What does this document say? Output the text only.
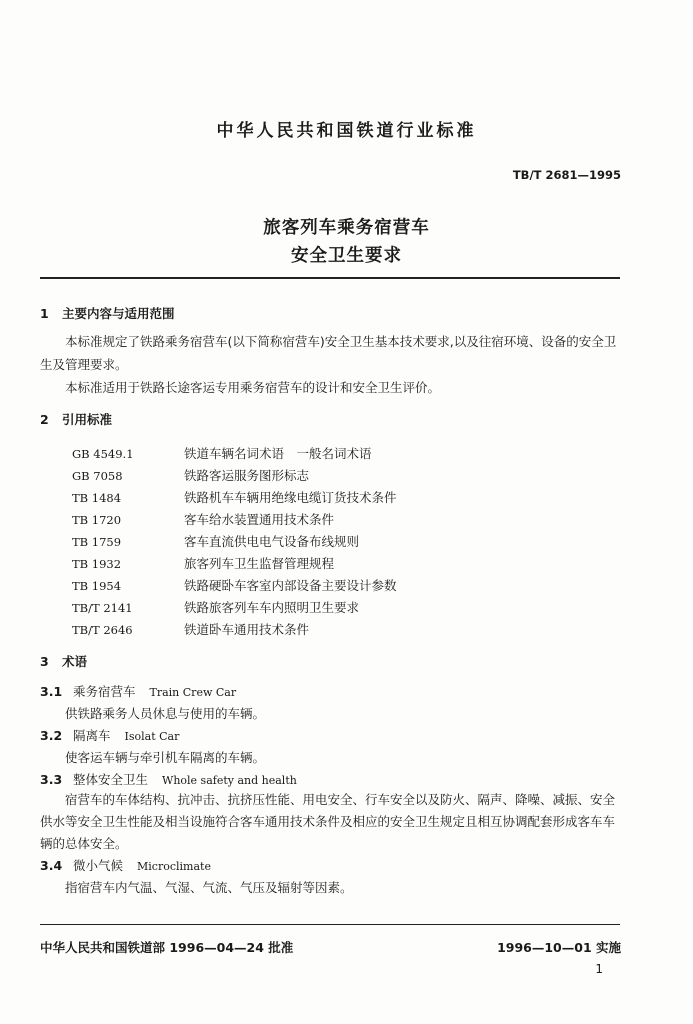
中华人民共和国铁道行业标准
TB/T 2681—1995
旅客列车乘务宿营车
安全卫生要求
1 主要内容与适用范围
本标准规定了铁路乘务宿营车(以下简称宿营车)安全卫生基本技术要求,以及往宿环境、设备的安全卫生及管理要求。
本标准适用于铁路长途客运专用乘务宿营车的设计和安全卫生评价。
2 引用标准
GB 4549.1	铁道车辆名词术语　一般名词术语
GB 7058	铁路客运服务图形标志
TB 1484	铁路机车车辆用绝缘电缆订货技术条件
TB 1720	客车给水装置通用技术条件
TB 1759	客车直流供电电气设备布线规则
TB 1932	旅客列车卫生监督管理规程
TB 1954	铁路硬卧车客室内部设备主要设计参数
TB/T 2141	铁路旅客列车车内照明卫生要求
TB/T 2646	铁道卧车通用技术条件
3 术语
3.1 乘务宿营车 Train Crew Car
供铁路乘务人员休息与使用的车辆。
3.2 隔离车 Isolat Car
使客运车辆与牵引机车隔离的车辆。
3.3 整体安全卫生 Whole safety and health
宿营车的车体结构、抗冲击、抗挤压性能、用电安全、行车安全以及防火、隔声、降噪、减振、安全供水等安全卫生性能及相当设施符合客车通用技术条件及相应的安全卫生规定且相互协调配套形成客车车辆的总体安全。
3.4 微小气候 Microclimate
指宿营车内气温、气湿、气流、气压及辐射等因素。
中华人民共和国铁道部 1996—04—24 批准	1996—10—01 实施
1
